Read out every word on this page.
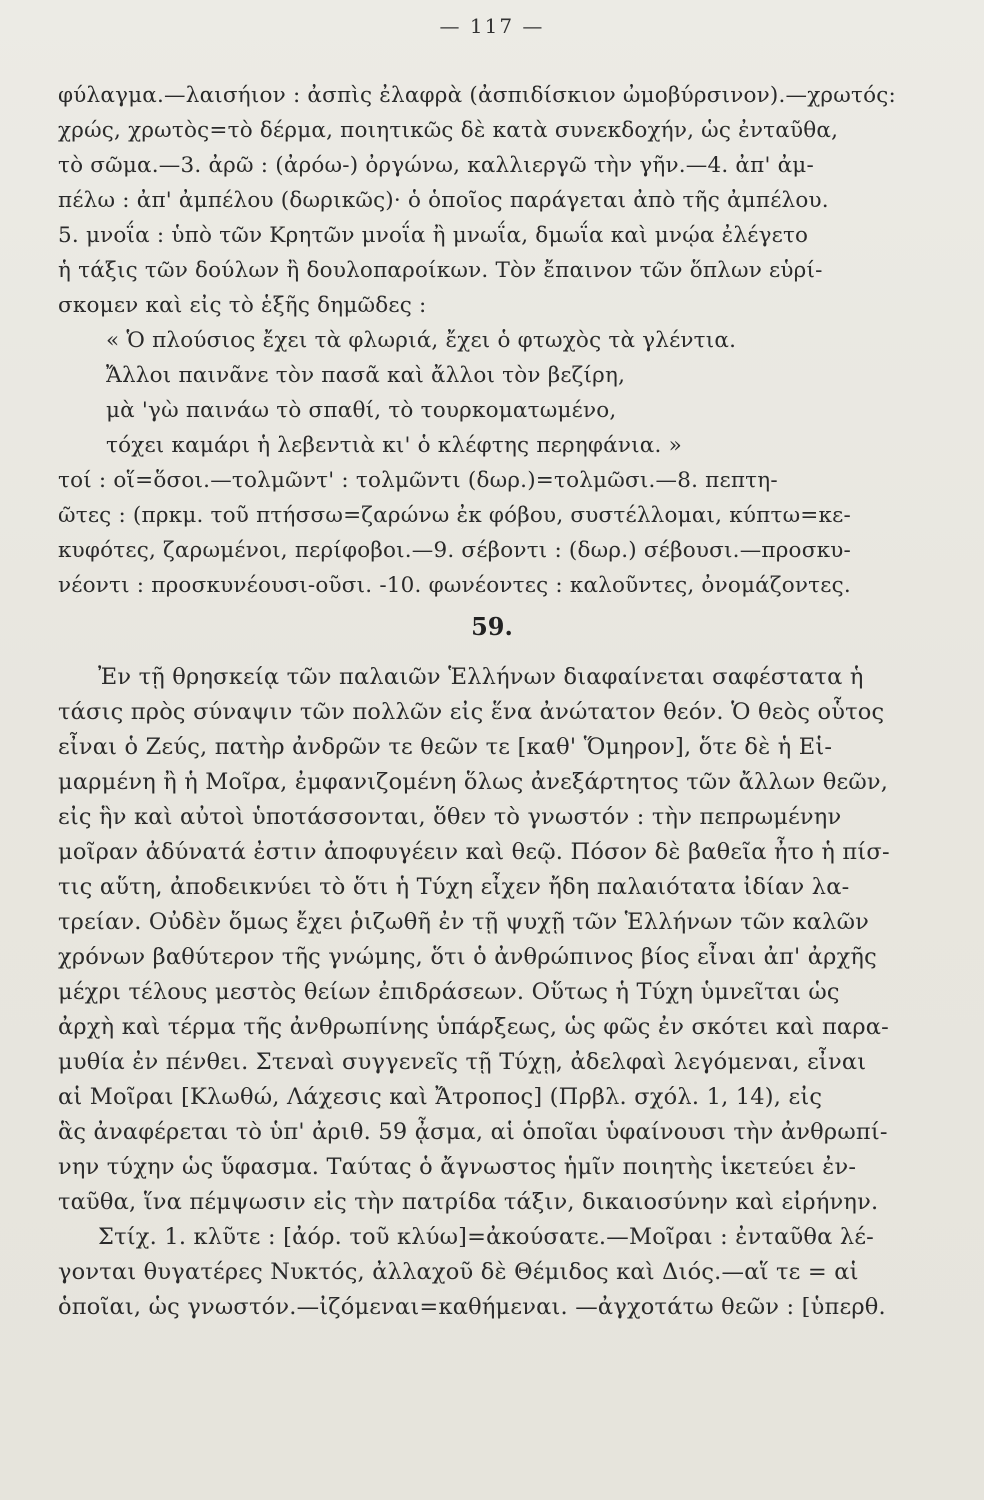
— 117 —
φύλαγμα.—λαισήιον : ἀσπὶς ἐλαφρὰ (ἀσπιδίσκιον ὠμοβύρσινον).—χρωτός:
χρώς, χρωτὸς=τὸ δέρμα, ποιητικῶς δὲ κατὰ συνεκδοχήν, ὡς ἐνταῦθα,
τὸ σῶμα.—3. ἀρῶ : (ἀρόω-) ὀργώνω, καλλιεργῶ τὴν γῆν.—4. ἀπ' ἀμ-
πέλω : ἀπ' ἀμπέλου (δωρικῶς)· ὁ ὁποῖος παράγεται ἀπὸ τῆς ἀμπέλου.
5. μνοΐα : ὑπὸ τῶν Κρητῶν μνοΐα ἢ μνωΐα, δμωΐα καὶ μνῴα ἐλέγετο
ἡ τάξις τῶν δούλων ἢ δουλοπαροίκων. Τὸν ἔπαινον τῶν ὅπλων εὑρί-
σκομεν καὶ εἰς τὸ ἑξῆς δημῶδες :
« Ὁ πλούσιος ἔχει τὰ φλωριά, ἔχει ὁ φτωχὸς τὰ γλέντια.
Ἄλλοι παινᾶνε τὸν πασᾶ καὶ ἄλλοι τὸν βεζίρη,
μὰ 'γὼ παινάω τὸ σπαθί, τὸ τουρκοματωμένο,
τόχει καμάρι ἡ λεβεντιὰ κι' ὁ κλέφτης περηφάνια. »
τοί : οἵ=ὅσοι.—τολμῶντ' : τολμῶντι (δωρ.)=τολμῶσι.—8. πεπτη-
ῶτες : (πρκμ. τοῦ πτήσσω=ζαρώνω ἐκ φόβου, συστέλλομαι, κύπτω=κε-
κυφότες, ζαρωμένοι, περίφοβοι.—9. σέβοντι : (δωρ.) σέβουσι.—προσκυ-
νέοντι : προσκυνέουσι-οῦσι. -10. φωνέοντες : καλοῦντες, ὀνομάζοντες.
59.
Ἐν τῇ θρησκείᾳ τῶν παλαιῶν Ἑλλήνων διαφαίνεται σαφέστατα ἡ
τάσις πρὸς σύναψιν τῶν πολλῶν εἰς ἕνα ἀνώτατον θεόν. Ὁ θεὸς οὗτος
εἶναι ὁ Ζεύς, πατὴρ ἀνδρῶν τε θεῶν τε [καθ' Ὅμηρον], ὅτε δὲ ἡ Εἱ-
μαρμένη ἢ ἡ Μοῖρα, ἐμφανιζομένη ὅλως ἀνεξάρτητος τῶν ἄλλων θεῶν,
εἰς ἣν καὶ αὐτοὶ ὑποτάσσονται, ὅθεν τὸ γνωστόν : τὴν πεπρωμένην
μοῖραν ἀδύνατά ἐστιν ἀποφυγέειν καὶ θεῷ. Πόσον δὲ βαθεῖα ἦτο ἡ πίσ-
τις αὕτη, ἀποδεικνύει τὸ ὅτι ἡ Τύχη εἶχεν ἤδη παλαιότατα ἰδίαν λα-
τρείαν. Οὐδὲν ὅμως ἔχει ῥιζωθῆ ἐν τῇ ψυχῇ τῶν Ἑλλήνων τῶν καλῶν
χρόνων βαθύτερον τῆς γνώμης, ὅτι ὁ ἀνθρώπινος βίος εἶναι ἀπ' ἀρχῆς
μέχρι τέλους μεστὸς θείων ἐπιδράσεων. Οὕτως ἡ Τύχη ὑμνεῖται ὡς
ἀρχὴ καὶ τέρμα τῆς ἀνθρωπίνης ὑπάρξεως, ὡς φῶς ἐν σκότει καὶ παρα-
μυθία ἐν πένθει. Στεναὶ συγγενεῖς τῇ Τύχῃ, ἀδελφαὶ λεγόμεναι, εἶναι
αἱ Μοῖραι [Κλωθώ, Λάχεσις καὶ Ἄτροπος] (Πρβλ. σχόλ. 1, 14), εἰς
ἃς ἀναφέρεται τὸ ὑπ' ἀριθ. 59 ᾆσμα, αἱ ὁποῖαι ὑφαίνουσι τὴν ἀνθρωπί-
νην τύχην ὡς ὕφασμα. Ταύτας ὁ ἄγνωστος ἡμῖν ποιητὴς ἱκετεύει ἐν-
ταῦθα, ἵνα πέμψωσιν εἰς τὴν πατρίδα τάξιν, δικαιοσύνην καὶ εἰρήνην.
Στίχ. 1. κλῦτε : [ἀόρ. τοῦ κλύω]=ἀκούσατε.—Μοῖραι : ἐνταῦθα λέ-
γονται θυγατέρες Νυκτός, ἀλλαχοῦ δὲ Θέμιδος καὶ Διός.—αἵ τε = αἱ
ὁποῖαι, ὡς γνωστόν.—ἰζόμεναι=καθήμεναι. —ἀγχοτάτω θεῶν : [ὑπερθ.
